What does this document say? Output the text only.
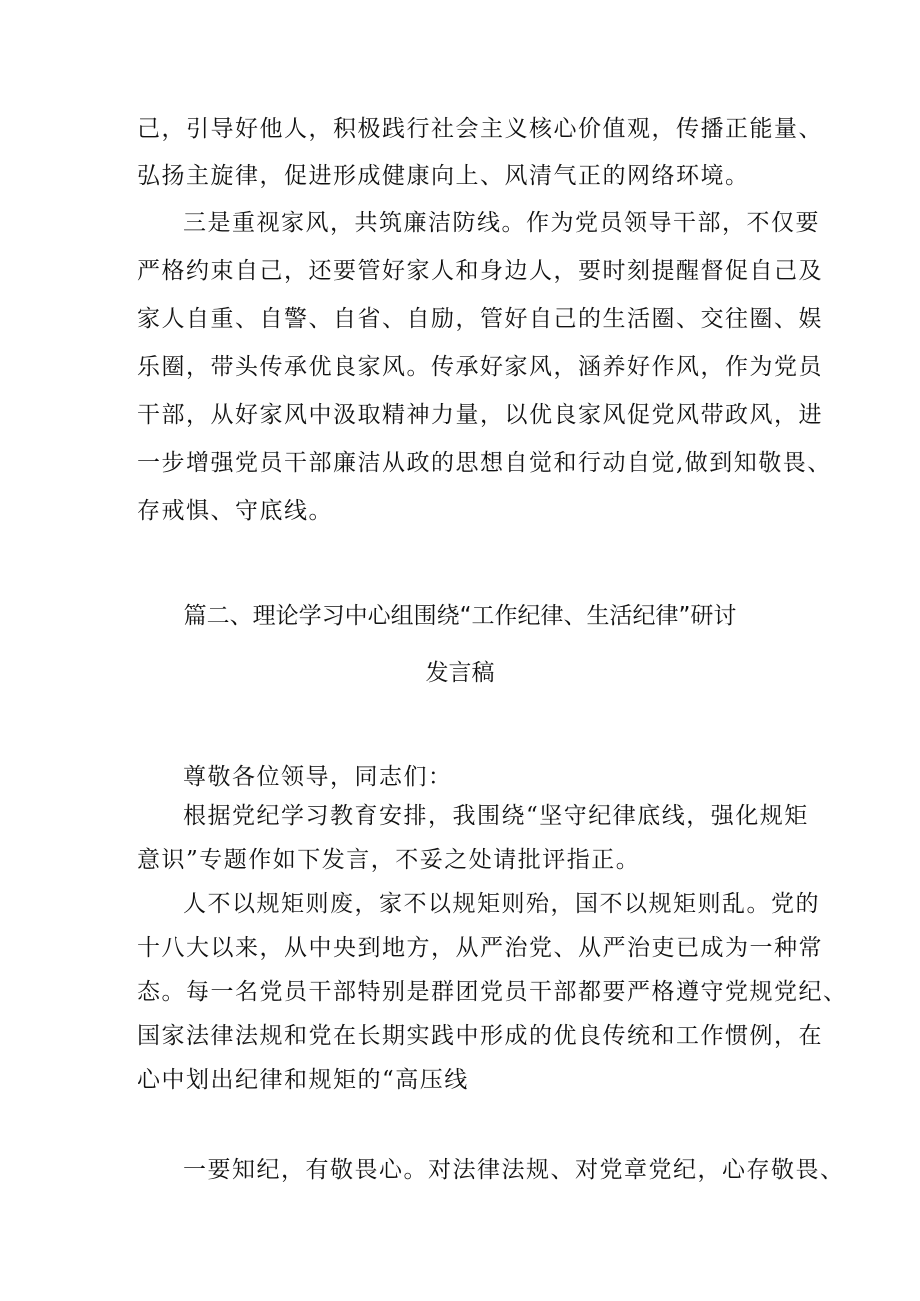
己，引导好他人，积极践行社会主义核心价值观，传播正能量、
弘扬主旋律，促进形成健康向上、风清气正的网络环境。
三是重视家风，共筑廉洁防线。作为党员领导干部，不仅要
严格约束自己，还要管好家人和身边人，要时刻提醒督促自己及
家人自重、自警、自省、自励，管好自己的生活圈、交往圈、娱
乐圈，带头传承优良家风。传承好家风，涵养好作风，作为党员
干部，从好家风中汲取精神力量，以优良家风促党风带政风，进
一步增强党员干部廉洁从政的思想自觉和行动自觉,做到知敬畏、
存戒惧、守底线。
篇二、理论学习中心组围绕“工作纪律、生活纪律”研讨
发言稿
尊敬各位领导，同志们：
根据党纪学习教育安排，我围绕“坚守纪律底线，强化规矩
意识”专题作如下发言，不妥之处请批评指正。
人不以规矩则废，家不以规矩则殆，国不以规矩则乱。党的
十八大以来，从中央到地方，从严治党、从严治吏已成为一种常
态。每一名党员干部特别是群团党员干部都要严格遵守党规党纪、
国家法律法规和党在长期实践中形成的优良传统和工作惯例，在
心中划出纪律和规矩的“高压线
一要知纪，有敬畏心。对法律法规、对党章党纪，心存敬畏、
